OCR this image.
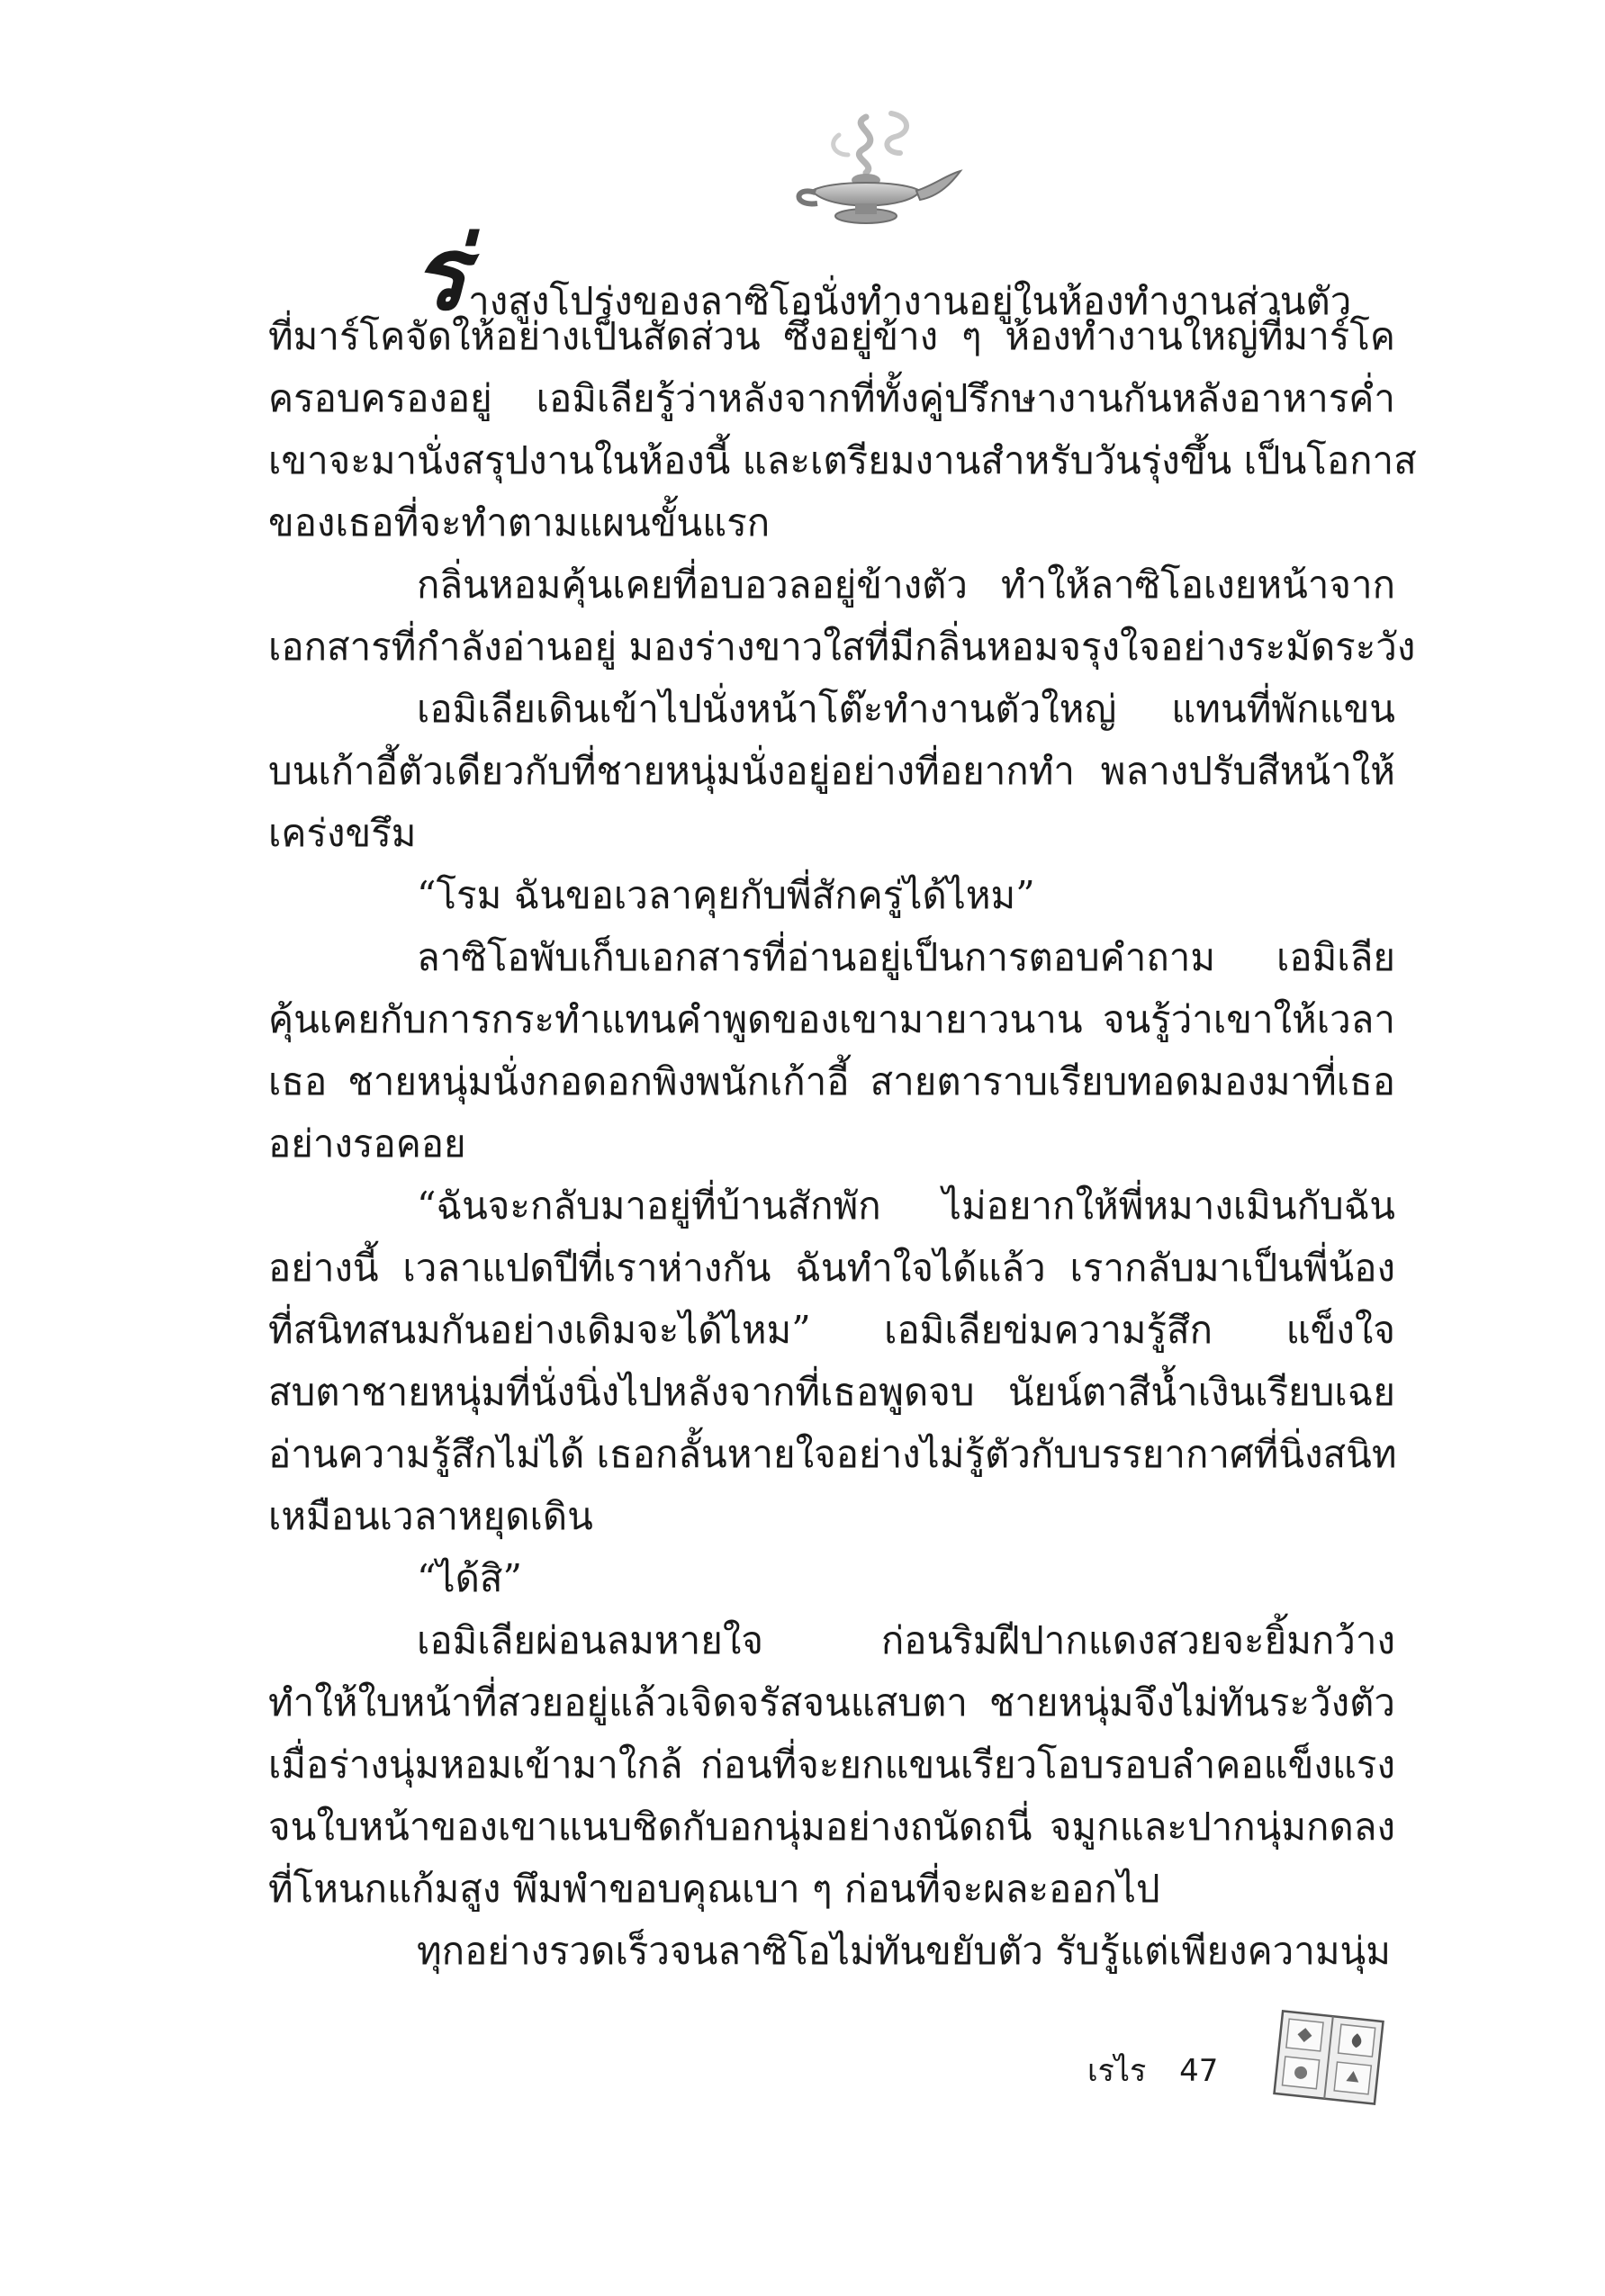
ร่างสูงโปร่งของลาซิโอนั่งทำงานอยู่ในห้องทำงานส่วนตัว
ที่มาร์โคจัดให้อย่างเป็นสัดส่วน ซึ่งอยู่ข้าง ๆ ห้องทำงานใหญ่ที่มาร์โค
ครอบครองอยู่ เอมิเลียรู้ว่าหลังจากที่ทั้งคู่ปรึกษางานกันหลังอาหารค่ำ
เขาจะมานั่งสรุปงานในห้องนี้ และเตรียมงานสำหรับวันรุ่งขึ้น เป็นโอกาส
ของเธอที่จะทำตามแผนขั้นแรก
กลิ่นหอมคุ้นเคยที่อบอวลอยู่ข้างตัว ทำให้ลาซิโอเงยหน้าจาก
เอกสารที่กำลังอ่านอยู่ มองร่างขาวใสที่มีกลิ่นหอมจรุงใจอย่างระมัดระวัง
เอมิเลียเดินเข้าไปนั่งหน้าโต๊ะทำงานตัวใหญ่ แทนที่พักแขน
บนเก้าอี้ตัวเดียวกับที่ชายหนุ่มนั่งอยู่อย่างที่อยากทำ พลางปรับสีหน้าให้
เคร่งขรึม
“โรม ฉันขอเวลาคุยกับพี่สักครู่ได้ไหม”
ลาซิโอพับเก็บเอกสารที่อ่านอยู่เป็นการตอบคำถาม เอมิเลีย
คุ้นเคยกับการกระทำแทนคำพูดของเขามายาวนาน จนรู้ว่าเขาให้เวลา
เธอ ชายหนุ่มนั่งกอดอกพิงพนักเก้าอี้ สายตาราบเรียบทอดมองมาที่เธอ
อย่างรอคอย
“ฉันจะกลับมาอยู่ที่บ้านสักพัก ไม่อยากให้พี่หมางเมินกับฉัน
อย่างนี้ เวลาแปดปีที่เราห่างกัน ฉันทำใจได้แล้ว เรากลับมาเป็นพี่น้อง
ที่สนิทสนมกันอย่างเดิมจะได้ไหม” เอมิเลียข่มความรู้สึก แข็งใจ
สบตาชายหนุ่มที่นั่งนิ่งไปหลังจากที่เธอพูดจบ นัยน์ตาสีน้ำเงินเรียบเฉย
อ่านความรู้สึกไม่ได้ เธอกลั้นหายใจอย่างไม่รู้ตัวกับบรรยากาศที่นิ่งสนิท
เหมือนเวลาหยุดเดิน
“ได้สิ”
เอมิเลียผ่อนลมหายใจ ก่อนริมฝีปากแดงสวยจะยิ้มกว้าง
ทำให้ใบหน้าที่สวยอยู่แล้วเจิดจรัสจนแสบตา ชายหนุ่มจึงไม่ทันระวังตัว
เมื่อร่างนุ่มหอมเข้ามาใกล้ ก่อนที่จะยกแขนเรียวโอบรอบลำคอแข็งแรง
จนใบหน้าของเขาแนบชิดกับอกนุ่มอย่างถนัดถนี่ จมูกและปากนุ่มกดลง
ที่โหนกแก้มสูง พึมพำขอบคุณเบา ๆ ก่อนที่จะผละออกไป
ทุกอย่างรวดเร็วจนลาซิโอไม่ทันขยับตัว รับรู้แต่เพียงความนุ่ม
เรไร 47
